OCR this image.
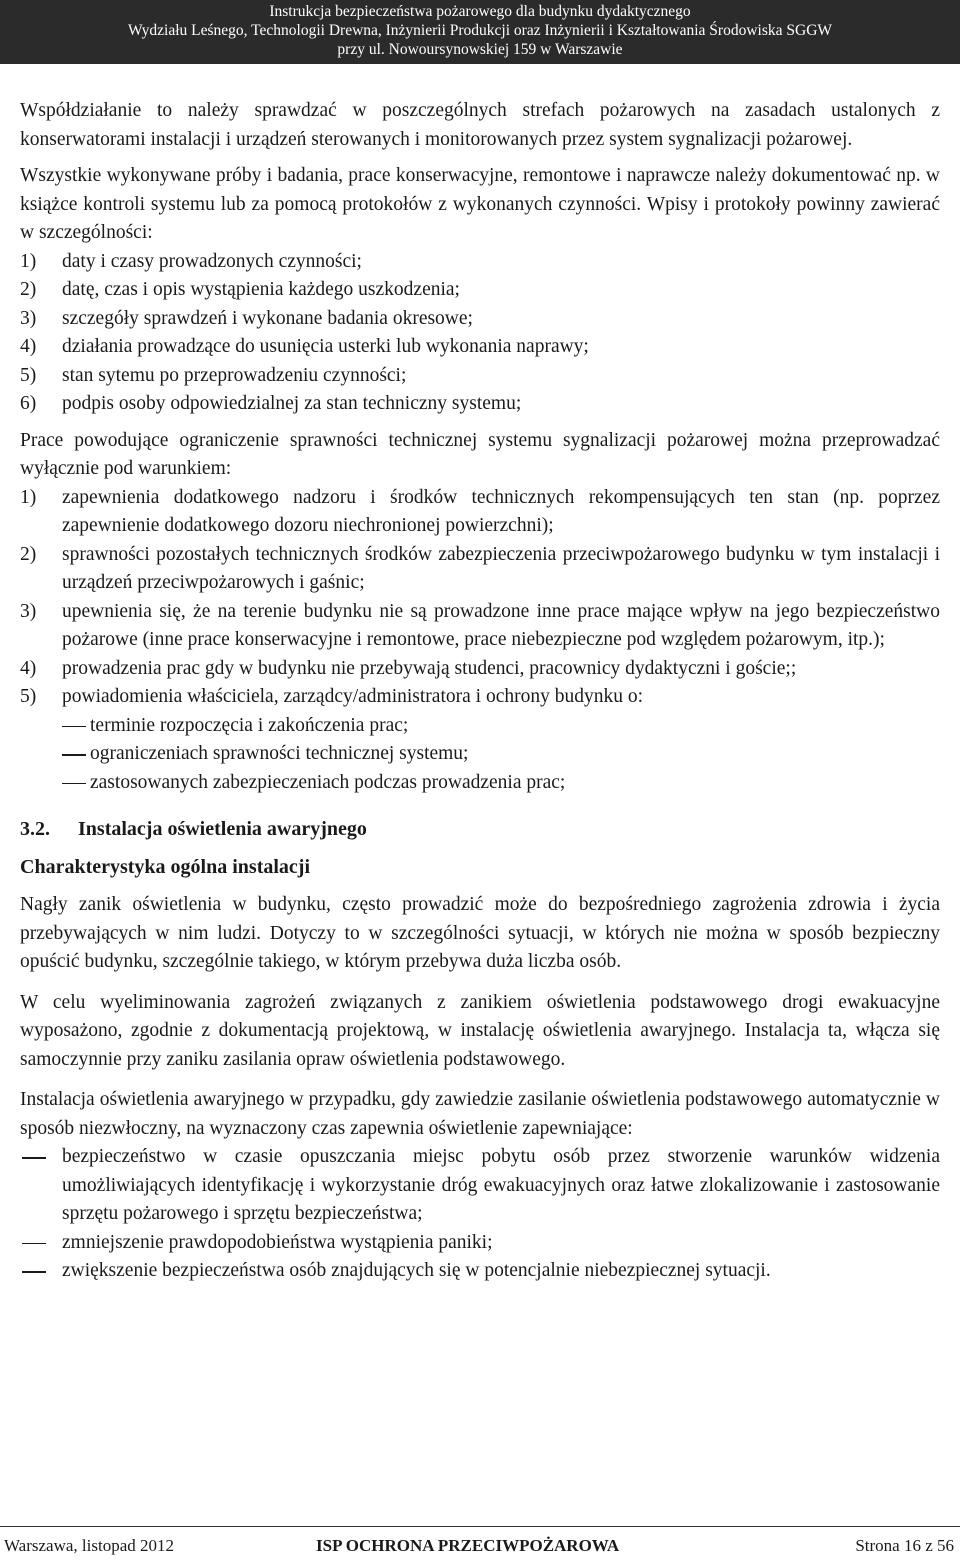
Instrukcja bezpieczeństwa pożarowego dla budynku dydaktycznego
Wydziału Leśnego, Technologii Drewna, Inżynierii Produkcji oraz Inżynierii i Kształtowania Środowiska SGGW
przy ul. Nowoursynowskiej 159 w Warszawie

Współdziałanie to należy sprawdzać w poszczególnych strefach pożarowych na zasadach ustalonych z konserwatorami instalacji i urządzeń sterowanych i monitorowanych przez system sygnalizacji pożarowej.

Wszystkie wykonywane próby i badania, prace konserwacyjne, remontowe i naprawcze należy dokumentować np. w książce kontroli systemu lub za pomocą protokołów z wykonanych czynności. Wpisy i protokoły powinny zawierać w szczególności:

1) daty i czasy prowadzonych czynności;
2) datę, czas i opis wystąpienia każdego uszkodzenia;
3) szczegóły sprawdzeń i wykonane badania okresowe;
4) działania prowadzące do usunięcia usterki lub wykonania naprawy;
5) stan sytemu po przeprowadzeniu czynności;
6) podpis osoby odpowiedzialnej za stan techniczny systemu;

Prace powodujące ograniczenie sprawności technicznej systemu sygnalizacji pożarowej można przeprowadzać wyłącznie pod warunkiem:

1) zapewnienia dodatkowego nadzoru i środków technicznych rekompensujących ten stan (np. poprzez zapewnienie dodatkowego dozoru niechronionej powierzchni);
2) sprawności pozostałych technicznych środków zabezpieczenia przeciwpożarowego budynku w tym instalacji i urządzeń przeciwpożarowych i gaśnic;
3) upewnienia się, że na terenie budynku nie są prowadzone inne prace mające wpływ na jego bezpieczeństwo pożarowe (inne prace konserwacyjne i remontowe, prace niebezpieczne pod względem pożarowym, itp.);
4) prowadzenia prac gdy w budynku nie przebywają studenci, pracownicy dydaktyczni i goście;;
5) powiadomienia właściciela, zarządcy/administratora i ochrony budynku o:
terminie rozpoczęcia i zakończenia prac;
ograniczeniach sprawności technicznej systemu;
zastosowanych zabezpieczeniach podczas prowadzenia prac;
3.2. Instalacja oświetlenia awaryjnego
Charakterystyka ogólna instalacji

Nagły zanik oświetlenia w budynku, często prowadzić może do bezpośredniego zagrożenia zdrowia i życia przebywających w nim ludzi. Dotyczy to w szczególności sytuacji, w których nie można w sposób bezpieczny opuścić budynku, szczególnie takiego, w którym przebywa duża liczba osób.

W celu wyeliminowania zagrożeń związanych z zanikiem oświetlenia podstawowego drogi ewakuacyjne wyposażono, zgodnie z dokumentacją projektową, w instalację oświetlenia awaryjnego. Instalacja ta, włącza się samoczynnie przy zaniku zasilania opraw oświetlenia podstawowego.

Instalacja oświetlenia awaryjnego w przypadku, gdy zawiedzie zasilanie oświetlenia podstawowego automatycznie w sposób niezwłoczny, na wyznaczony czas zapewnia oświetlenie zapewniające:

bezpieczeństwo w czasie opuszczania miejsc pobytu osób przez stworzenie warunków widzenia umożliwiających identyfikację i wykorzystanie dróg ewakuacyjnych oraz łatwe zlokalizowanie i zastosowanie sprzętu pożarowego i sprzętu bezpieczeństwa;
zmniejszenie prawdopodobieństwa wystąpienia paniki;
zwiększenie bezpieczeństwa osób znajdujących się w potencjalnie niebezpiecznej sytuacji.
Warszawa, listopad 2012	ISP OCHRONA PRZECIWPOŻAROWA	Strona 16 z 56
